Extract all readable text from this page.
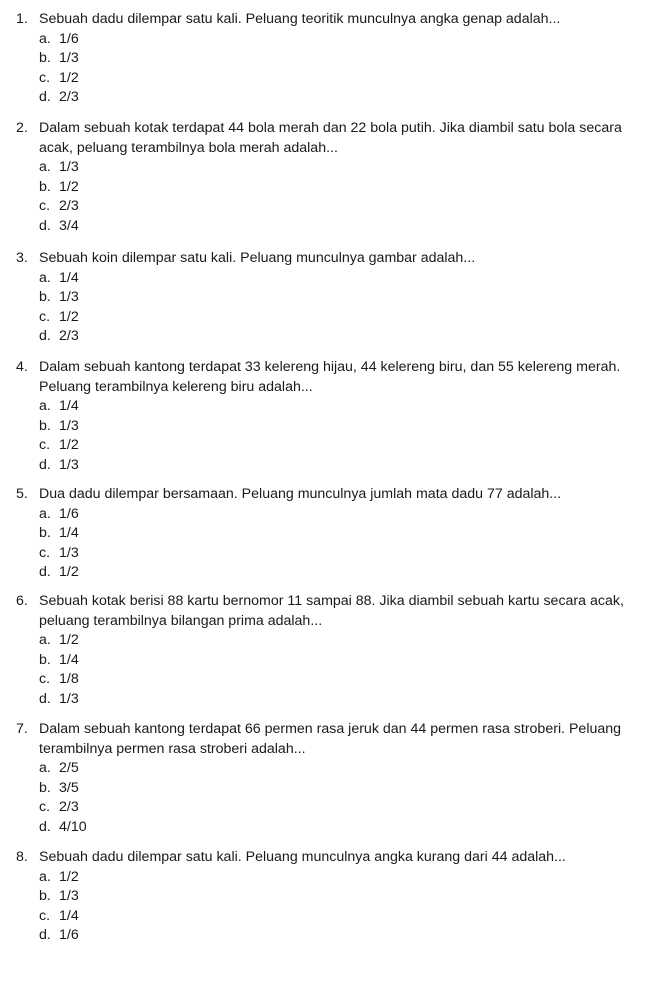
1. Sebuah dadu dilempar satu kali. Peluang teoritik munculnya angka genap adalah...
a. 1/6
b. 1/3
c. 1/2
d. 2/3
2. Dalam sebuah kotak terdapat 44 bola merah dan 22 bola putih. Jika diambil satu bola secara acak, peluang terambilnya bola merah adalah...
a. 1/3
b. 1/2
c. 2/3
d. 3/4
3. Sebuah koin dilempar satu kali. Peluang munculnya gambar adalah...
a. 1/4
b. 1/3
c. 1/2
d. 2/3
4. Dalam sebuah kantong terdapat 33 kelereng hijau, 44 kelereng biru, dan 55 kelereng merah. Peluang terambilnya kelereng biru adalah...
a. 1/4
b. 1/3
c. 1/2
d. 1/3
5. Dua dadu dilempar bersamaan. Peluang munculnya jumlah mata dadu 77 adalah...
a. 1/6
b. 1/4
c. 1/3
d. 1/2
6. Sebuah kotak berisi 88 kartu bernomor 11 sampai 88. Jika diambil sebuah kartu secara acak, peluang terambilnya bilangan prima adalah...
a. 1/2
b. 1/4
c. 1/8
d. 1/3
7. Dalam sebuah kantong terdapat 66 permen rasa jeruk dan 44 permen rasa stroberi. Peluang terambilnya permen rasa stroberi adalah...
a. 2/5
b. 3/5
c. 2/3
d. 4/10
8. Sebuah dadu dilempar satu kali. Peluang munculnya angka kurang dari 44 adalah...
a. 1/2
b. 1/3
c. 1/4
d. 1/6
